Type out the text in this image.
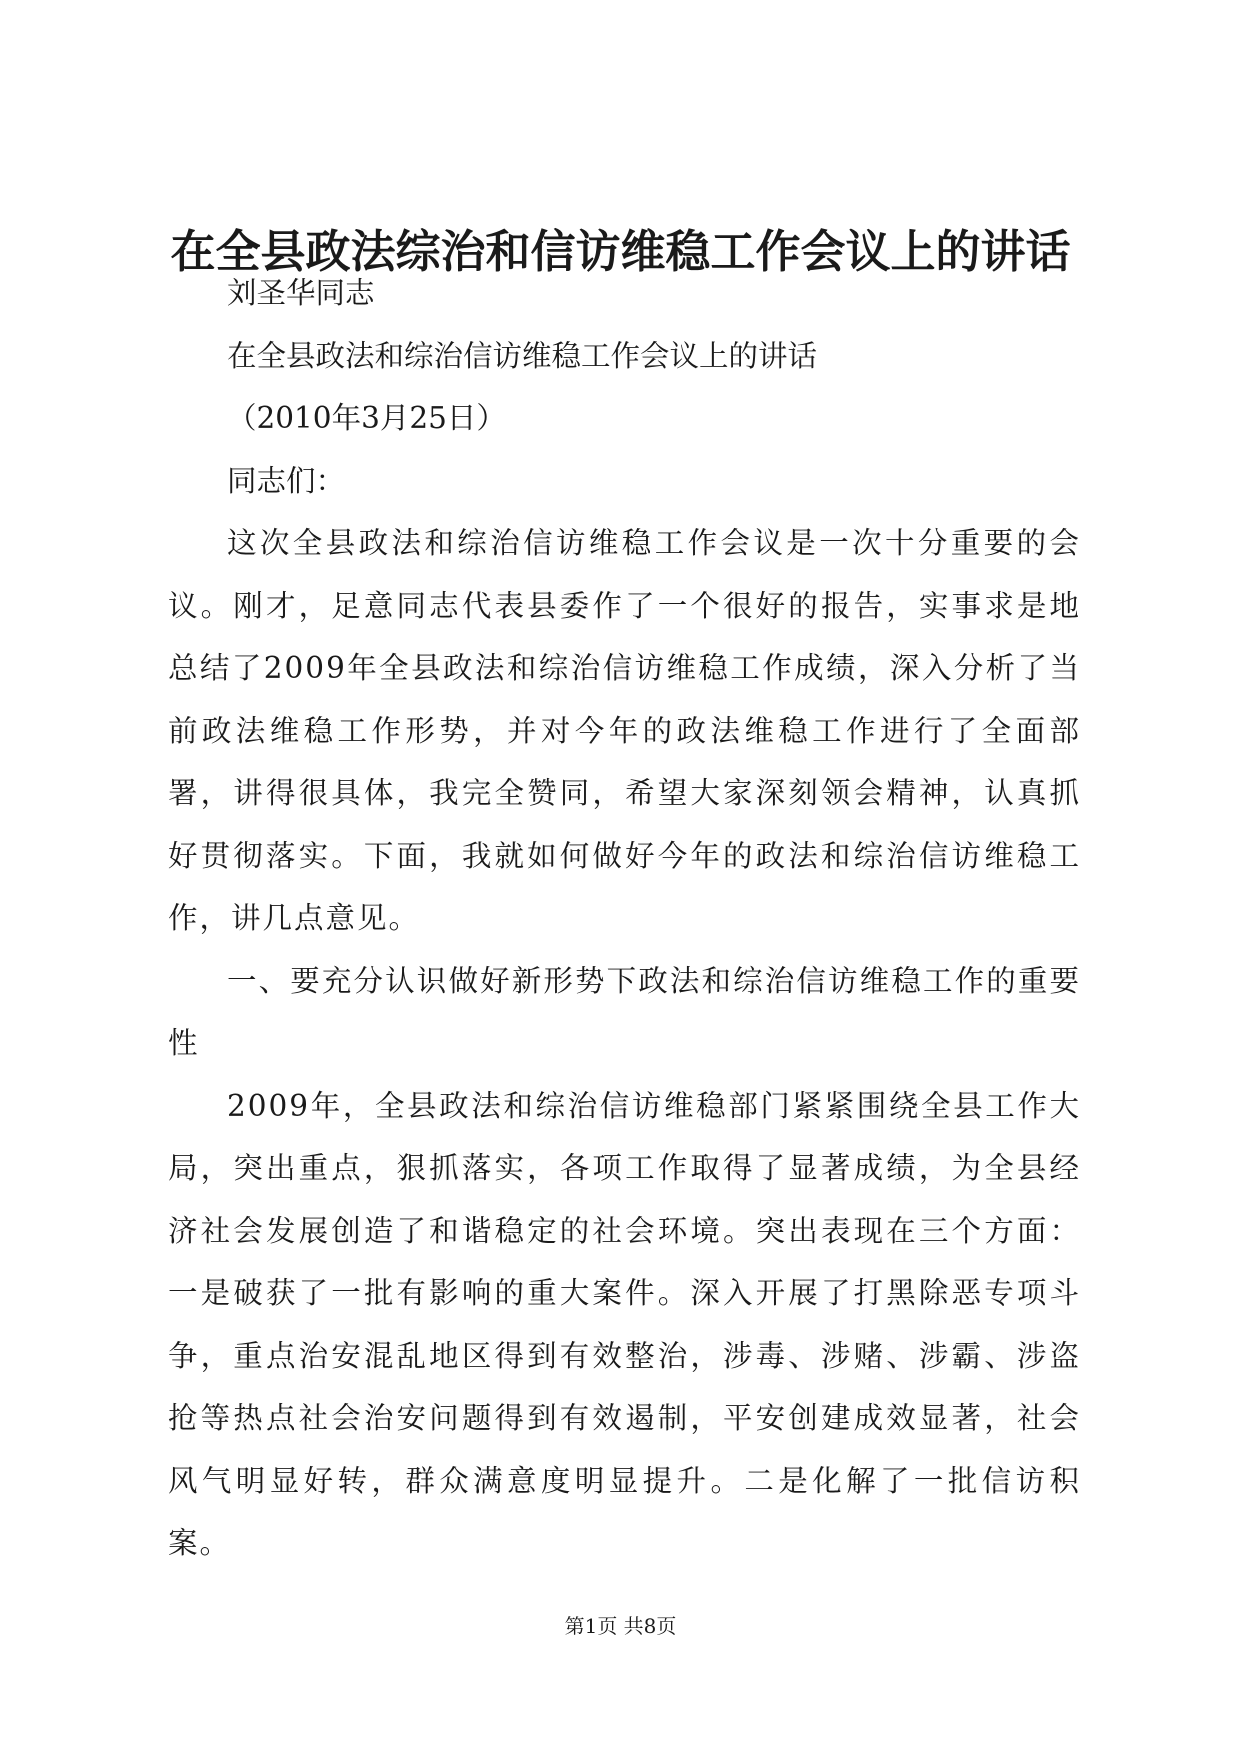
在全县政法综治和信访维稳工作会议上的讲话

刘圣华同志

在全县政法和综治信访维稳工作会议上的讲话

（2010年3月25日）

同志们：

这次全县政法和综治信访维稳工作会议是一次十分重要的会议。刚才，足意同志代表县委作了一个很好的报告，实事求是地总结了2009年全县政法和综治信访维稳工作成绩，深入分析了当前政法维稳工作形势，并对今年的政法维稳工作进行了全面部署，讲得很具体，我完全赞同，希望大家深刻领会精神，认真抓好贯彻落实。下面，我就如何做好今年的政法和综治信访维稳工作，讲几点意见。

一、要充分认识做好新形势下政法和综治信访维稳工作的重要性

2009年，全县政法和综治信访维稳部门紧紧围绕全县工作大局，突出重点，狠抓落实，各项工作取得了显著成绩，为全县经济社会发展创造了和谐稳定的社会环境。突出表现在三个方面：一是破获了一批有影响的重大案件。深入开展了打黑除恶专项斗争，重点治安混乱地区得到有效整治，涉毒、涉赌、涉霸、涉盗抢等热点社会治安问题得到有效遏制，平安创建成效显著，社会风气明显好转，群众满意度明显提升。二是化解了一批信访积案。

第1页 共8页
